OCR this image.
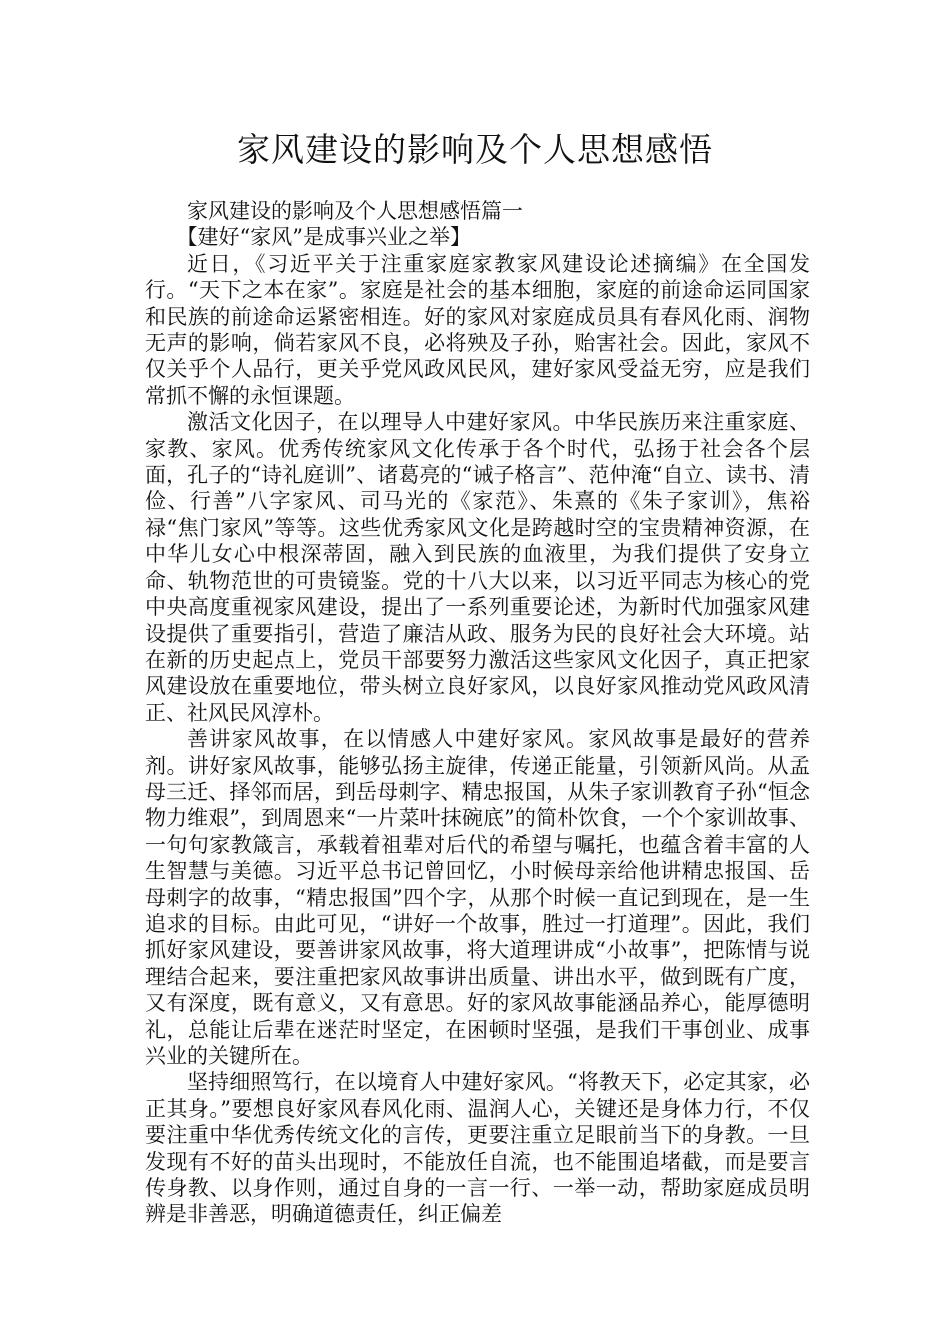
家风建设的影响及个人思想感悟

家风建设的影响及个人思想感悟篇一

【建好“家风”是成事兴业之举】

近日，《习近平关于注重家庭家教家风建设论述摘编》在全国发行。“天下之本在家”。家庭是社会的基本细胞，家庭的前途命运同国家和民族的前途命运紧密相连。好的家风对家庭成员具有春风化雨、润物无声的影响，倘若家风不良，必将殃及子孙，贻害社会。因此，家风不仅关乎个人品行，更关乎党风政风民风，建好家风受益无穷，应是我们常抓不懈的永恒课题。

激活文化因子，在以理导人中建好家风。中华民族历来注重家庭、家教、家风。优秀传统家风文化传承于各个时代，弘扬于社会各个层面，孔子的“诗礼庭训”、诸葛亮的“诫子格言”、范仲淹“自立、读书、清俭、行善”八字家风、司马光的《家范》、朱熹的《朱子家训》，焦裕禄“焦门家风”等等。这些优秀家风文化是跨越时空的宝贵精神资源，在中华儿女心中根深蒂固，融入到民族的血液里，为我们提供了安身立命、轨物范世的可贵镜鉴。党的十八大以来，以习近平同志为核心的党中央高度重视家风建设，提出了一系列重要论述，为新时代加强家风建设提供了重要指引，营造了廉洁从政、服务为民的良好社会大环境。站在新的历史起点上，党员干部要努力激活这些家风文化因子，真正把家风建设放在重要地位，带头树立良好家风，以良好家风推动党风政风清正、社风民风淳朴。

善讲家风故事，在以情感人中建好家风。家风故事是最好的营养剂。讲好家风故事，能够弘扬主旋律，传递正能量，引领新风尚。从孟母三迁、择邻而居，到岳母刺字、精忠报国，从朱子家训教育子孙“恒念物力维艰”，到周恩来“一片菜叶抹碗底”的简朴饮食，一个个家训故事、一句句家教箴言，承载着祖辈对后代的希望与嘱托，也蕴含着丰富的人生智慧与美德。习近平总书记曾回忆，小时候母亲给他讲精忠报国、岳母刺字的故事，“精忠报国”四个字，从那个时候一直记到现在，是一生追求的目标。由此可见，“讲好一个故事，胜过一打道理”。因此，我们抓好家风建设，要善讲家风故事，将大道理讲成“小故事”，把陈情与说理结合起来，要注重把家风故事讲出质量、讲出水平，做到既有广度，又有深度，既有意义，又有意思。好的家风故事能涵品养心，能厚德明礼，总能让后辈在迷茫时坚定，在困顿时坚强，是我们干事创业、成事兴业的关键所在。

坚持细照笃行，在以境育人中建好家风。“将教天下，必定其家，必正其身。”要想良好家风春风化雨、温润人心，关键还是身体力行，不仅要注重中华优秀传统文化的言传，更要注重立足眼前当下的身教。一旦发现有不好的苗头出现时，不能放任自流，也不能围追堵截，而是要言传身教、以身作则，通过自身的一言一行、一举一动，帮助家庭成员明辨是非善恶，明确道德责任，纠正偏差
